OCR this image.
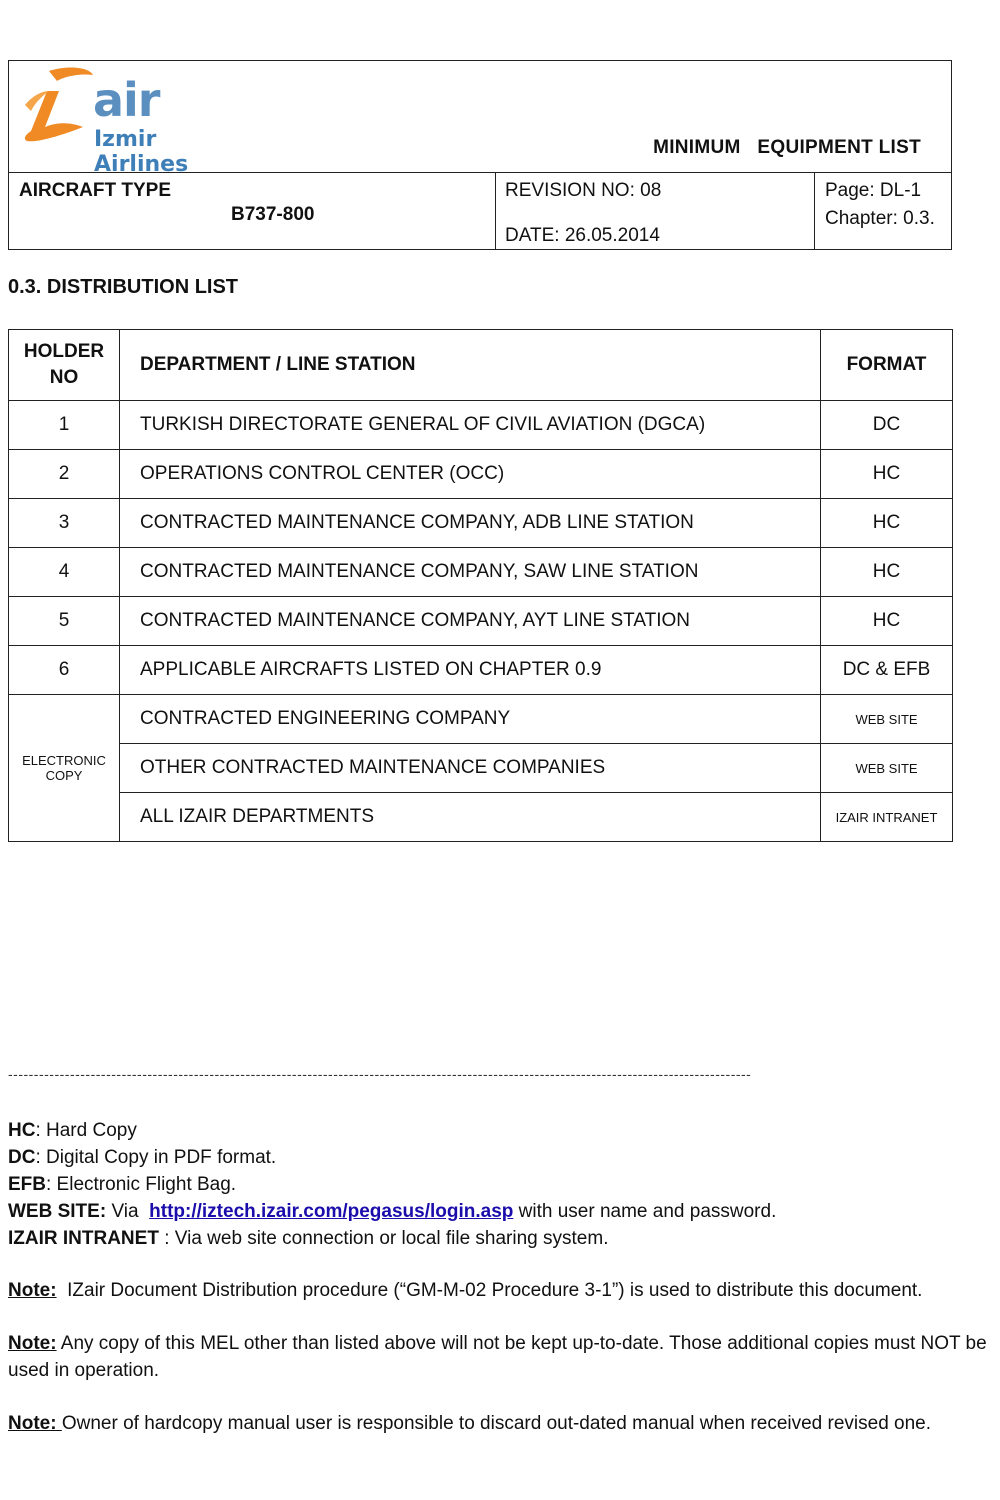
air
Izmir Airlines
MINIMUM   EQUIPMENT LIST
AIRCRAFT TYPE
B737-800
REVISION NO: 08
DATE: 26.05.2014
Page: DL-1
Chapter: 0.3.
0.3. DISTRIBUTION LIST
HOLDER
NO	DEPARTMENT / LINE STATION	FORMAT
1	TURKISH DIRECTORATE GENERAL OF CIVIL AVIATION (DGCA)	DC
2	OPERATIONS CONTROL CENTER (OCC)	HC
3	CONTRACTED MAINTENANCE COMPANY, ADB LINE STATION	HC
4	CONTRACTED MAINTENANCE COMPANY, SAW LINE STATION	HC
5	CONTRACTED MAINTENANCE COMPANY, AYT LINE STATION	HC
6	APPLICABLE AIRCRAFTS LISTED ON CHAPTER 0.9	DC & EFB
ELECTRONIC
COPY	CONTRACTED ENGINEERING COMPANY	WEB SITE
	OTHER CONTRACTED MAINTENANCE COMPANIES	WEB SITE
	ALL IZAIR DEPARTMENTS	IZAIR INTRANET
------------------------------------------------------------------------------------------------------------------------------------------------
HC: Hard Copy
DC: Digital Copy in PDF format.
EFB: Electronic Flight Bag.
WEB SITE: Via  http://iztech.izair.com/pegasus/login.asp with user name and password.
IZAIR INTRANET : Via web site connection or local file sharing system.
Note:  IZair Document Distribution procedure (“GM-M-02 Procedure 3-1”) is used to distribute this document.
Note: Any copy of this MEL other than listed above will not be kept up-to-date. Those additional copies must NOT be used in operation.
Note: Owner of hardcopy manual user is responsible to discard out-dated manual when received revised one.
